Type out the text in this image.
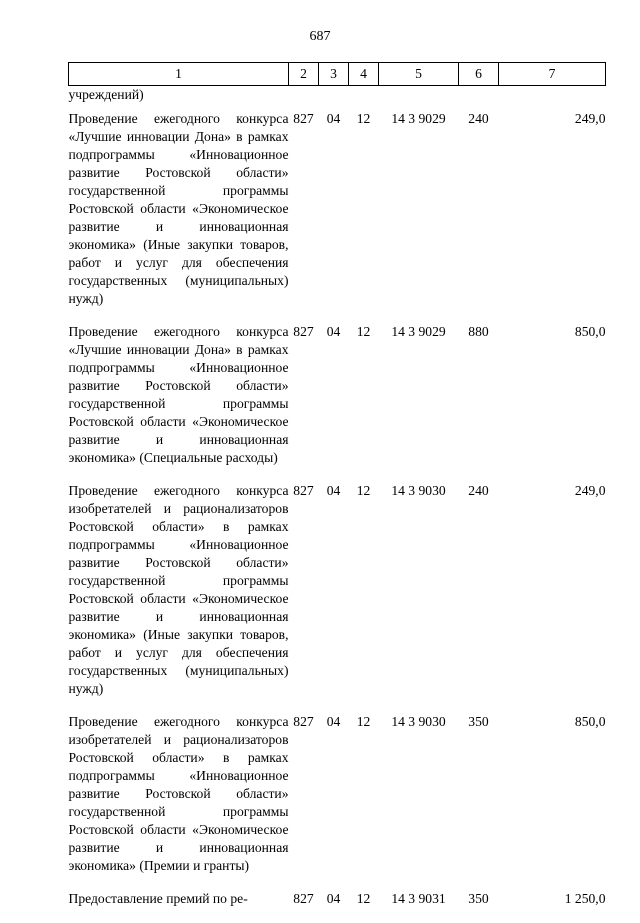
687
1	2	3	4	5	6	7
учреждений)						
Проведение ежегодного конкурса «Лучшие инновации Дона» в рамках подпрограммы «Инновационное развитие Ростовской области» государственной программы Ростовской области «Экономическое развитие и инновационная экономика» (Иные закупки товаров, работ и услуг для обеспечения государственных (муниципальных) нужд)	827	04	12	14 3 9029	240	249,0
Проведение ежегодного конкурса «Лучшие инновации Дона» в рамках подпрограммы «Инновационное развитие Ростовской области» государственной программы Ростовской области «Экономическое развитие и инновационная экономика» (Специальные расходы)	827	04	12	14 3 9029	880	850,0
Проведение ежегодного конкурса изобретателей и рационализаторов Ростовской области» в рамках подпрограммы «Инновационное развитие Ростовской области» государственной программы Ростовской области «Экономическое развитие и инновационная экономика» (Иные закупки товаров, работ и услуг для обеспечения государственных (муниципальных) нужд)	827	04	12	14 3 9030	240	249,0
Проведение ежегодного конкурса изобретателей и рационализаторов Ростовской области» в рамках подпрограммы «Инновационное развитие Ростовской области» государственной программы Ростовской области «Экономическое развитие и инновационная экономика» (Премии и гранты)	827	04	12	14 3 9030	350	850,0
Предоставление премий по ре-	827	04	12	14 3 9031	350	1 250,0
